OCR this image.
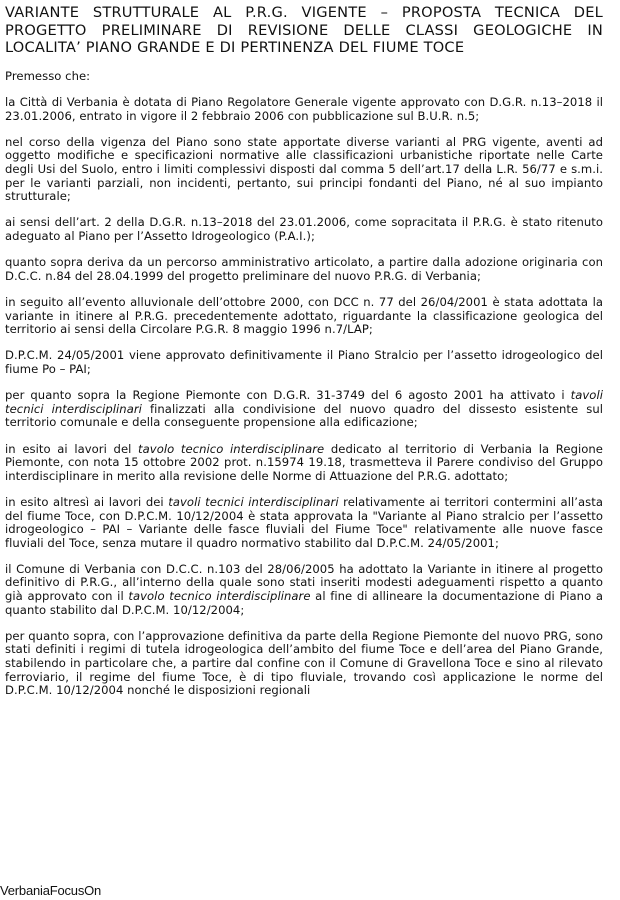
VARIANTE STRUTTURALE AL P.R.G. VIGENTE – PROPOSTA TECNICA DEL PROGETTO PRELIMINARE DI REVISIONE DELLE CLASSI GEOLOGICHE IN LOCALITA’ PIANO GRANDE E DI PERTINENZA DEL FIUME TOCE

Premesso che:

la Città di Verbania è dotata di Piano Regolatore Generale vigente approvato con D.G.R. n.13–2018 il 23.01.2006, entrato in vigore il 2 febbraio 2006 con pubblicazione sul B.U.R. n.5;

nel corso della vigenza del Piano sono state apportate diverse varianti al PRG vigente, aventi ad oggetto modifiche e specificazioni normative alle classificazioni urbanistiche riportate nelle Carte degli Usi del Suolo, entro i limiti complessivi disposti dal comma 5 dell’art.17 della L.R. 56/77 e s.m.i. per le varianti parziali, non incidenti, pertanto, sui principi fondanti del Piano, né al suo impianto strutturale;

ai sensi dell’art. 2 della D.G.R. n.13–2018 del 23.01.2006, come sopracitata il P.R.G. è stato ritenuto adeguato al Piano per l’Assetto Idrogeologico (P.A.I.);

quanto sopra deriva da un percorso amministrativo articolato, a partire dalla adozione originaria con D.C.C. n.84 del 28.04.1999 del progetto preliminare del nuovo P.R.G. di Verbania;

in seguito all’evento alluvionale dell’ottobre 2000, con DCC n. 77 del 26/04/2001 è stata adottata la variante in itinere al P.R.G. precedentemente adottato, riguardante la classificazione geologica del territorio ai sensi della Circolare P.G.R. 8 maggio 1996 n.7/LAP;

D.P.C.M. 24/05/2001 viene approvato definitivamente il Piano Stralcio per l’assetto idrogeologico del fiume Po – PAI;

per quanto sopra la Regione Piemonte con D.G.R. 31-3749 del 6 agosto 2001 ha attivato i tavoli tecnici interdisciplinari finalizzati alla condivisione del nuovo quadro del dissesto esistente sul territorio comunale e della conseguente propensione alla edificazione;

in esito ai lavori del tavolo tecnico interdisciplinare dedicato al territorio di Verbania la Regione Piemonte, con nota 15 ottobre 2002 prot. n.15974 19.18, trasmetteva il Parere condiviso del Gruppo interdisciplinare in merito alla revisione delle Norme di Attuazione del P.R.G. adottato;

in esito altresì ai lavori dei tavoli tecnici interdisciplinari relativamente ai territori contermini all’asta del fiume Toce, con D.P.C.M. 10/12/2004 è stata approvata la "Variante al Piano stralcio per l’assetto idrogeologico – PAI – Variante delle fasce fluviali del Fiume Toce" relativamente alle nuove fasce fluviali del Toce, senza mutare il quadro normativo stabilito dal D.P.C.M. 24/05/2001;

il Comune di Verbania con D.C.C. n.103 del 28/06/2005 ha adottato la Variante in itinere al progetto definitivo di P.R.G., all’interno della quale sono stati inseriti modesti adeguamenti rispetto a quanto già approvato con il tavolo tecnico interdisciplinare al fine di allineare la documentazione di Piano a quanto stabilito dal D.P.C.M. 10/12/2004;

per quanto sopra, con l’approvazione definitiva da parte della Regione Piemonte del nuovo PRG, sono stati definiti i regimi di tutela idrogeologica dell’ambito del fiume Toce e dell’area del Piano Grande, stabilendo in particolare che, a partire dal confine con il Comune di Gravellona Toce e sino al rilevato ferroviario, il regime del fiume Toce, è di tipo fluviale, trovando così applicazione le norme del D.P.C.M. 10/12/2004 nonché le disposizioni regionali

VerbaniaFocusOn
